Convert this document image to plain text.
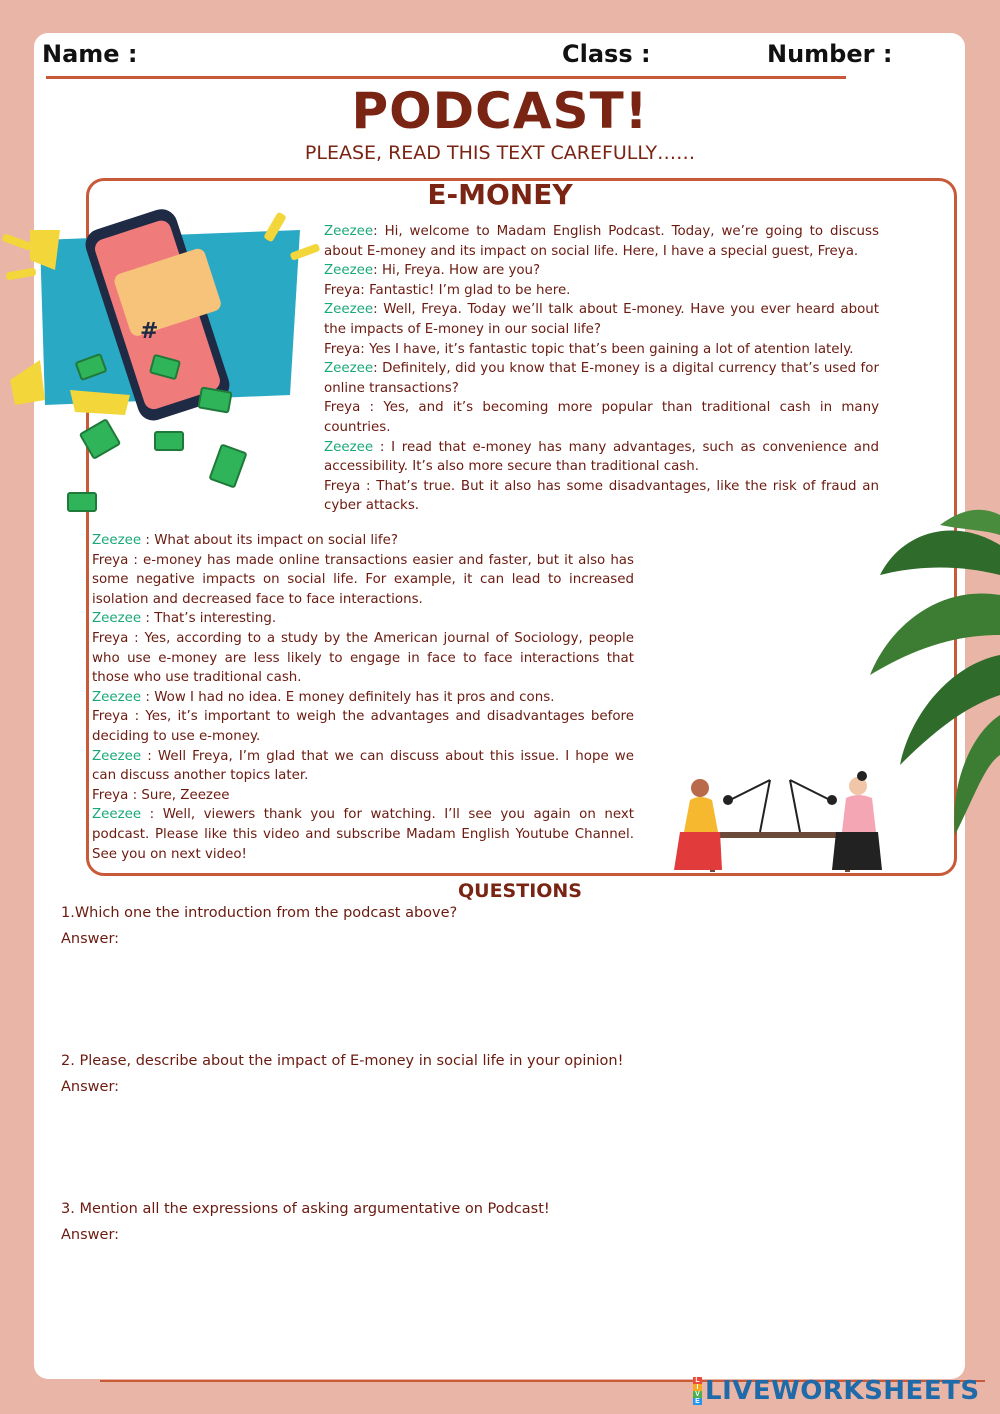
Name :	Class :	Number :
PODCAST!
PLEASE, READ THIS TEXT CAREFULLY……
E-MONEY
#

Zeezee: Hi, welcome to Madam English Podcast. Today, we’re going to discuss about E-money and its impact on social life. Here, I have a special guest, Freya.

Zeezee: Hi, Freya. How are you?

Freya: Fantastic! I’m glad to be here.

Zeezee: Well, Freya. Today we’ll talk about E-money. Have you ever heard about the impacts of E-money in our social life?

Freya: Yes I have, it’s fantastic topic that’s been gaining a lot of atention lately.

Zeezee: Definitely, did you know that E-money is a digital currency that’s used for online transactions?

Freya : Yes, and it’s becoming more popular than traditional cash in many countries.

Zeezee : I read that e-money has many advantages, such as convenience and accessibility. It’s also more secure than traditional cash.

Freya : That’s true. But it also has some disadvantages, like the risk of fraud an cyber attacks.

Zeezee : What about its impact on social life?

Freya : e-money has made online transactions easier and faster, but it also has some negative impacts on social life. For example, it can lead to increased isolation and decreased face to face interactions.

Zeezee : That’s interesting.

Freya : Yes, according to a study by the American journal of Sociology, people who use e-money are less likely to engage in face to face interactions that those who use traditional cash.

Zeezee : Wow I had no idea. E money definitely has it pros and cons.

Freya : Yes, it’s important to weigh the advantages and disadvantages before deciding to use e-money.

Zeezee : Well Freya, I’m glad that we can discuss about this issue. I hope we can discuss another topics later.

Freya : Sure, Zeezee

Zeezee : Well, viewers thank you for watching. I’ll see you again on next podcast. Please like this video and subscribe Madam English Youtube Channel. See you on next video!

QUESTIONS
1.Which one the introduction from the podcast above?
Answer:
2. Please, describe about the impact of E-money in social life in your opinion!
Answer:
3. Mention all the expressions of asking argumentative on Podcast!
Answer:
L
I
V
E LIVEWORKSHEETS
